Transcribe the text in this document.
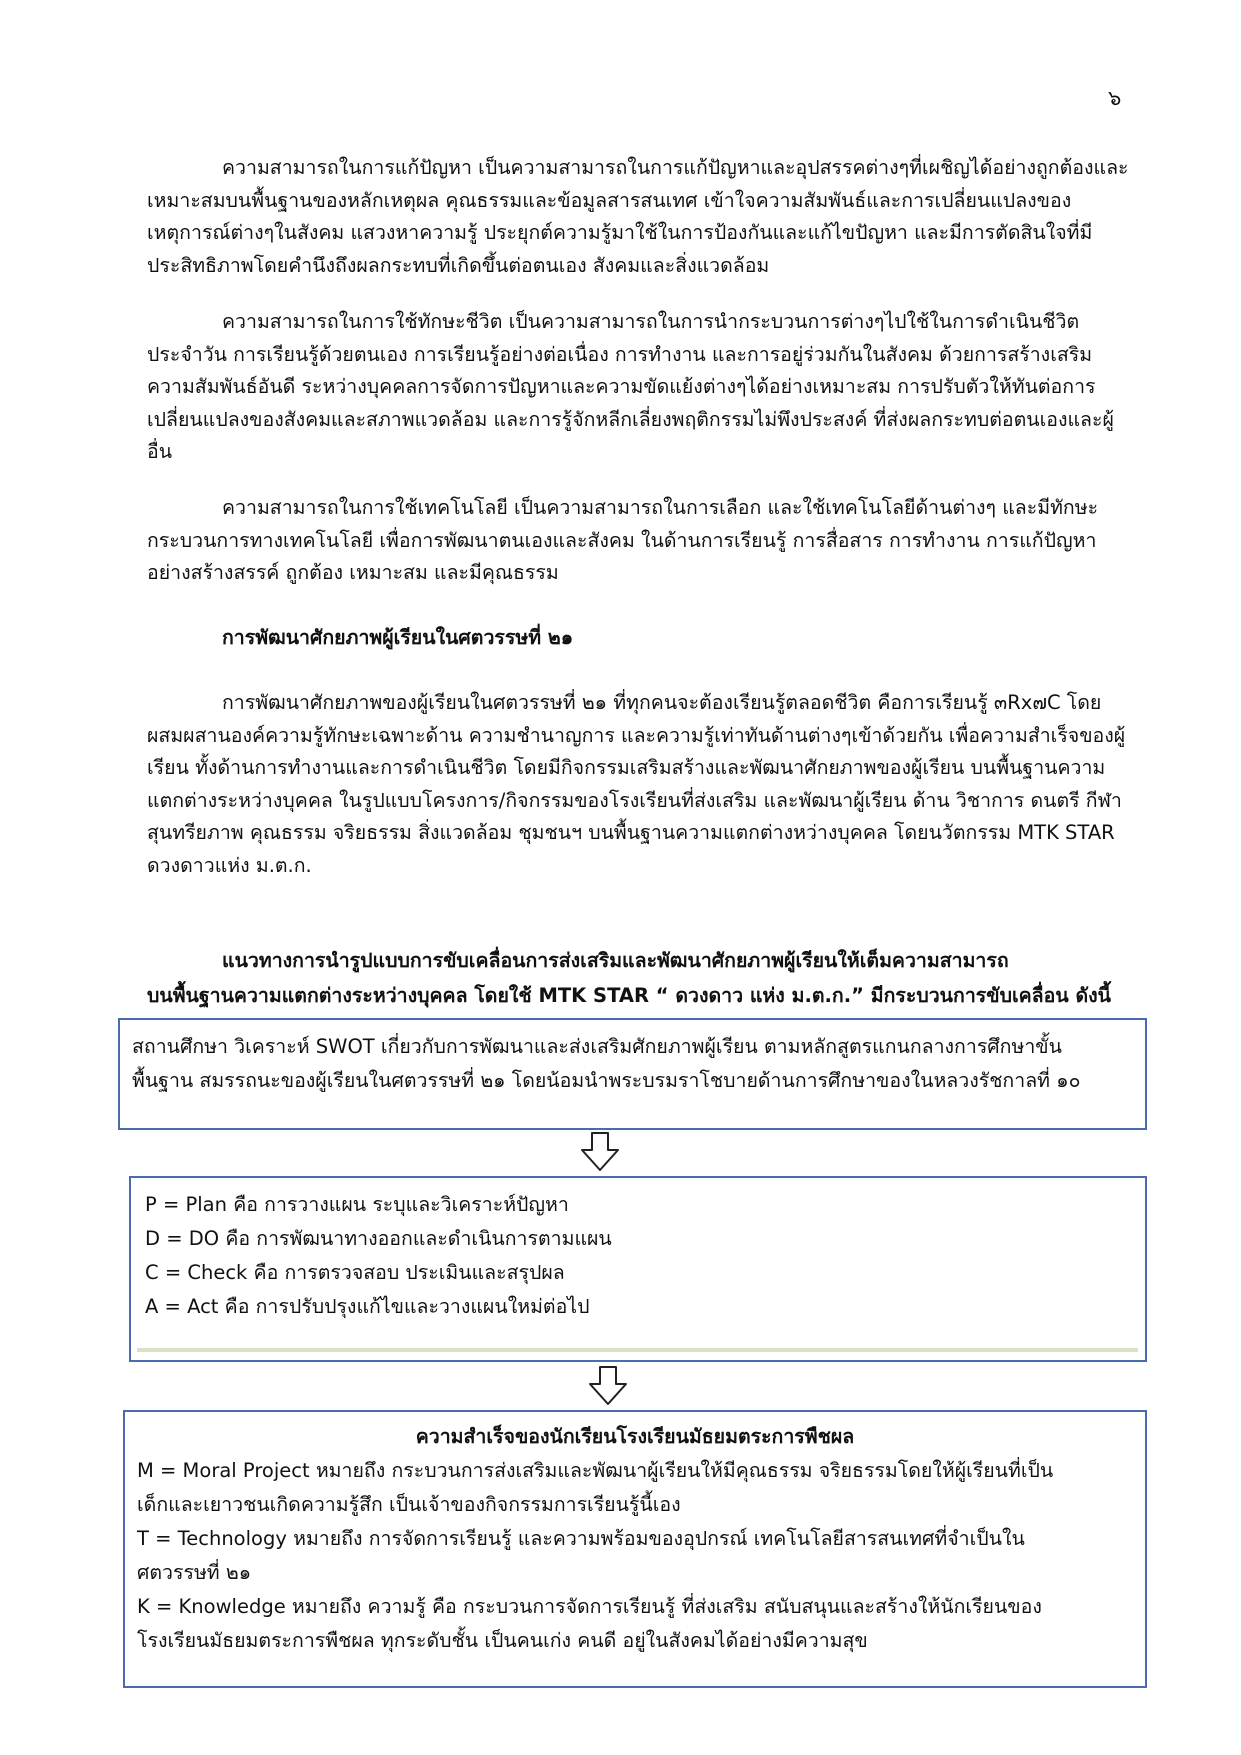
๖

ความสามารถในการแก้ปัญหา เป็นความสามารถในการแก้ปัญหาและอุปสรรคต่างๆที่เผชิญได้อย่างถูกต้องและเหมาะสมบนพื้นฐานของหลักเหตุผล คุณธรรมและข้อมูลสารสนเทศ เข้าใจความสัมพันธ์และการเปลี่ยนแปลงของเหตุการณ์ต่างๆในสังคม แสวงหาความรู้ ประยุกต์ความรู้มาใช้ในการป้องกันและแก้ไขปัญหา และมีการตัดสินใจที่มีประสิทธิภาพโดยคำนึงถึงผลกระทบที่เกิดขึ้นต่อตนเอง สังคมและสิ่งแวดล้อม

ความสามารถในการใช้ทักษะชีวิต เป็นความสามารถในการนำกระบวนการต่างๆไปใช้ในการดำเนินชีวิตประจำวัน การเรียนรู้ด้วยตนเอง การเรียนรู้อย่างต่อเนื่อง การทำงาน และการอยู่ร่วมกันในสังคม ด้วยการสร้างเสริมความสัมพันธ์อันดี ระหว่างบุคคลการจัดการปัญหาและความขัดแย้งต่างๆได้อย่างเหมาะสม การปรับตัวให้ทันต่อการเปลี่ยนแปลงของสังคมและสภาพแวดล้อม และการรู้จักหลีกเลี่ยงพฤติกรรมไม่พึงประสงค์ ที่ส่งผลกระทบต่อตนเองและผู้อื่น

ความสามารถในการใช้เทคโนโลยี เป็นความสามารถในการเลือก และใช้เทคโนโลยีด้านต่างๆ และมีทักษะกระบวนการทางเทคโนโลยี เพื่อการพัฒนาตนเองและสังคม ในด้านการเรียนรู้ การสื่อสาร การทำงาน การแก้ปัญหาอย่างสร้างสรรค์ ถูกต้อง เหมาะสม และมีคุณธรรม

การพัฒนาศักยภาพผู้เรียนในศตวรรษที่ ๒๑

การพัฒนาศักยภาพของผู้เรียนในศตวรรษที่ ๒๑ ที่ทุกคนจะต้องเรียนรู้ตลอดชีวิต คือการเรียนรู้ ๓Rx๗C โดยผสมผสานองค์ความรู้ทักษะเฉพาะด้าน ความชำนาญการ และความรู้เท่าทันด้านต่างๆเข้าด้วยกัน เพื่อความสำเร็จของผู้เรียน ทั้งด้านการทำงานและการดำเนินชีวิต โดยมีกิจกรรมเสริมสร้างและพัฒนาศักยภาพของผู้เรียน บนพื้นฐานความแตกต่างระหว่างบุคคล ในรูปแบบโครงการ/กิจกรรมของโรงเรียนที่ส่งเสริม และพัฒนาผู้เรียน ด้าน วิชาการ ดนตรี กีฬา สุนทรียภาพ คุณธรรม จริยธรรม สิ่งแวดล้อม ชุมชนฯ บนพื้นฐานความแตกต่างหว่างบุคคล โดยนวัตกรรม MTK STAR ดวงดาวแห่ง ม.ต.ก.

แนวทางการนำรูปแบบการขับเคลื่อนการส่งเสริมและพัฒนาศักยภาพผู้เรียนให้เต็มความสามารถ
บนพื้นฐานความแตกต่างระหว่างบุคคล โดยใช้ MTK STAR “ ดวงดาว แห่ง ม.ต.ก.” มีกระบวนการขับเคลื่อน ดังนี้
สถานศึกษา วิเคราะห์ SWOT เกี่ยวกับการพัฒนาและส่งเสริมศักยภาพผู้เรียน ตามหลักสูตรแกนกลางการศึกษาขั้น
พื้นฐาน สมรรถนะของผู้เรียนในศตวรรษที่ ๒๑ โดยน้อมนำพระบรมราโชบายด้านการศึกษาของในหลวงรัชกาลที่ ๑๐
P = Plan คือ การวางแผน ระบุและวิเคราะห์ปัญหา
D = DO คือ การพัฒนาทางออกและดำเนินการตามแผน
C = Check คือ การตรวจสอบ ประเมินและสรุปผล
A = Act คือ การปรับปรุงแก้ไขและวางแผนใหม่ต่อไป
ความสำเร็จของนักเรียนโรงเรียนมัธยมตระการพืชผล
M = Moral Project หมายถึง กระบวนการส่งเสริมและพัฒนาผู้เรียนให้มีคุณธรรม จริยธรรมโดยให้ผู้เรียนที่เป็น
เด็กและเยาวชนเกิดความรู้สึก เป็นเจ้าของกิจกรรมการเรียนรู้นี้เอง
T = Technology หมายถึง การจัดการเรียนรู้ และความพร้อมของอุปกรณ์ เทคโนโลยีสารสนเทศที่จำเป็นใน
ศตวรรษที่ ๒๑
K = Knowledge หมายถึง ความรู้ คือ กระบวนการจัดการเรียนรู้ ที่ส่งเสริม สนับสนุนและสร้างให้นักเรียนของ
โรงเรียนมัธยมตระการพืชผล ทุกระดับชั้น เป็นคนเก่ง คนดี อยู่ในสังคมได้อย่างมีความสุข
